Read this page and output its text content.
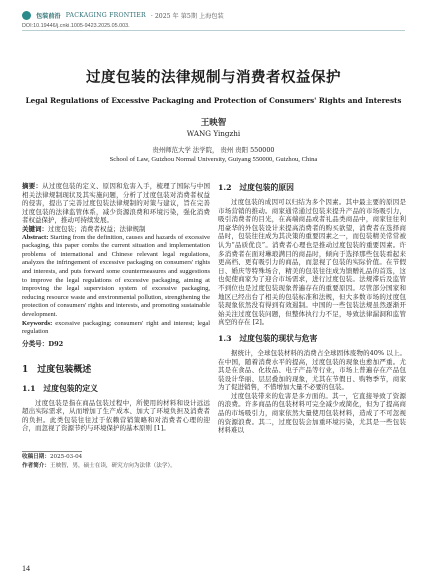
包装前沿 PACKAGING FRONTIER · 2025 年 第5期 上海包装
DOI:10.19446/j.cnki.1005-9423.2025.05.003.
过度包装的法律规制与消费者权益保护
Legal Regulations of Excessive Packaging and Protection of Consumers' Rights and Interests
王映智
WANG Yingzhi
贵州师范大学 法学院， 贵州 贵阳 550000
School of Law, Guizhou Normal University, Guiyang 550000, Guizhou, China

摘要：从过度包装的定义、原因和危害入手，梳理了国际与中国相关法律规制现状及其实施问题，分析了过度包装对消费者权益的侵害，提出了完善过度包装法律规制的对策与建议，旨在完善过度包装的法律监管体系，减少资源浪费和环境污染，强化消费者权益保护，推动可持续发展。

关键词：过度包装；消费者权益；法律规制

Abstract: Starting from the definition, causes and hazards of excessive packaging, this paper combs the current situation and implementation problems of international and Chinese relevant legal regulations, analyzes the infringement of excessive packaging on consumers' rights and interests, and puts forward some countermeasures and suggestions to improve the legal regulations of excessive packaging, aiming at improving the legal supervision system of excessive packaging, reducing resource waste and environmental pollution, strengthening the protection of consumers' rights and interests, and promoting sustainable development.

Keywords: excessive packaging; consumers' right and interest; legal regulation

分类号：D92
1　过度包装概述
1.1　过度包装的定义

过度包装是指在商品包装过程中，所使用的材料和设计远远超出实际需求，从而增加了生产成本、加大了环境负担及消费者的负担。此类包装往往过于依赖营销策略和对消费者心理的迎合，而忽视了资源节约与环境保护的基本原则 [1]。

收稿日期：2025-03-04
作者简介：王映智，男，硕士在读，研究方向为法律（法学）。
1.2　过度包装的原因

过度包装的成因可以归结为多个因素。其中最主要的原因是市场营销的推动。商家通常通过包装来提升产品的市场吸引力，吸引消费者的目光，在高端商品或者礼品类商品中，商家往往利用豪华的外包装设计来提高消费者的购买欲望，消费者在选择商品时，包装往往成为其决策的重要因素之一，而包装精美常常被认为“品质优良”。消费者心理也是推动过度包装的重要因素。许多消费者在面对琳琅满目的商品时，倾向于选择那些包装看起来更高档、更有吸引力的商品，而忽视了包装的实际价值。在节假日、婚庆等特殊场合，精美的包装往往成为馈赠礼品的首选，这也促使商家为了迎合市场需求，进行过度包装。法规滞后及监管不到位也是过度包装现象普遍存在的重要原因。尽管部分国家和地区已经出台了相关的包装标准和法规，但大多数市场的过度包装现象依然没有得到有效遏制。中国的一些包装法规虽然逐渐开始关注过度包装问题，但整体执行力不足，导致法律漏洞和监管真空的存在 [2]。

1.3　过度包装的现状与危害

据统计，全球包装材料的消费占全球固体废物的40% 以上。在中国，随着消费水平的提高，过度包装的现象也愈加严重。尤其是在食品、化妆品、电子产品等行业，市场上普遍存在产品包装设计华丽、层层叠加的现象，尤其在节假日、购物季节，商家为了促进销售，不惜增加大量不必要的包装。

过度包装带来的危害是多方面的。其一，它直接导致了资源的浪费。许多商品的包装材料可完全减少或简化，但为了提高商品的市场吸引力，商家依然大量使用包装材料，造成了不可忽视的资源浪费。其二，过度包装会加重环境污染，尤其是一些包装材料难以

14
